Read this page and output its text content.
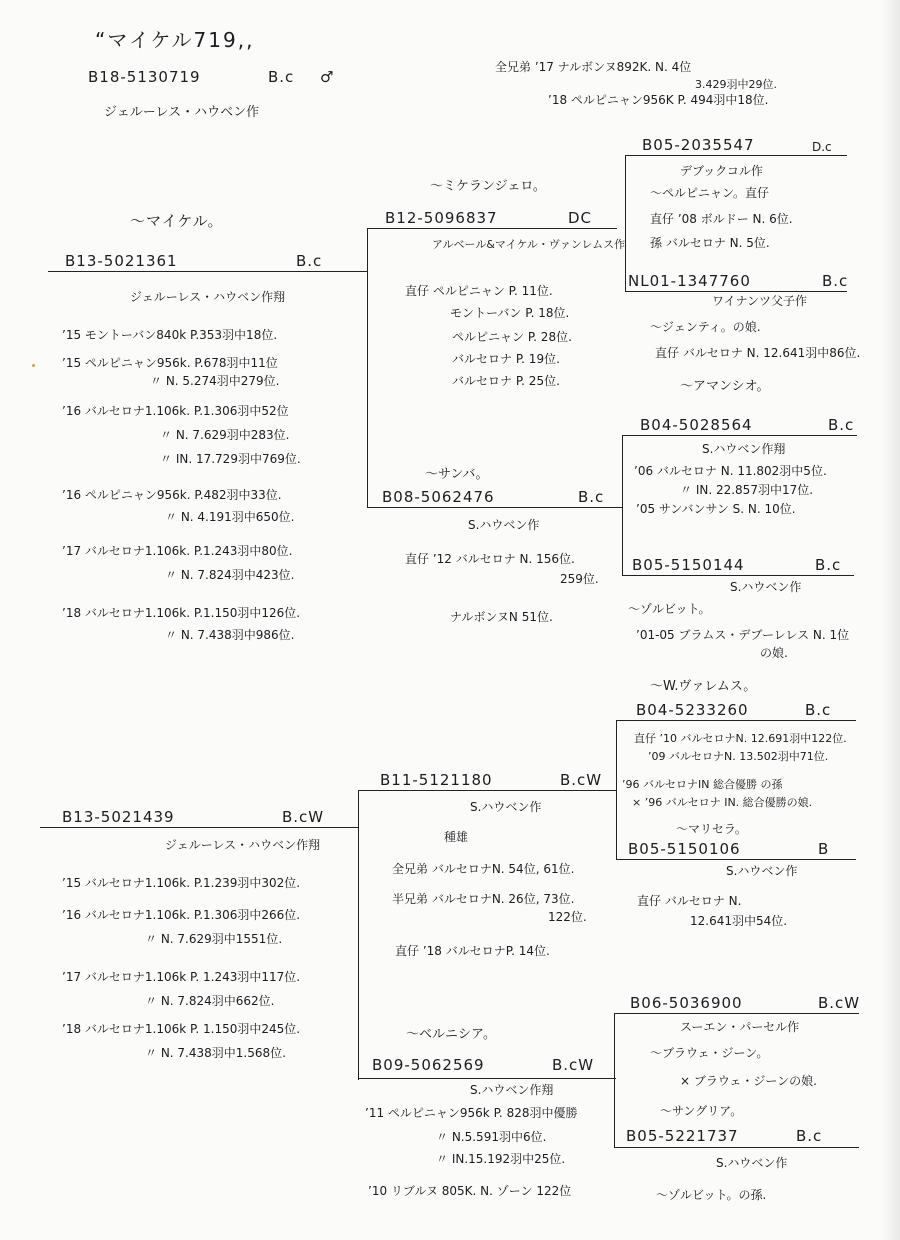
“マイケル719,,
B18-5130719	B.c ♂
ジェルーレス・ハウベン作
全兄弟 ’17 ナルボンヌ892K. N. 4位
3.429羽中29位.
’18 ペルピニャン956K P. 494羽中18位.
〜マイケル。
B13-5021361	B.c
ジェルーレス・ハウベン作翔
’15 モントーバン840k P.353羽中18位.
’15 ペルピニャン956k. P.678羽中11位
〃 N. 5.274羽中279位.
’16 バルセロナ1.106k. P.1.306羽中52位
〃 N. 7.629羽中283位.
〃 IN. 17.729羽中769位.
’16 ペルピニャン956k. P.482羽中33位.
〃 N. 4.191羽中650位.
’17 バルセロナ1.106k. P.1.243羽中80位.
〃 N. 7.824羽中423位.
’18 バルセロナ1.106k. P.1.150羽中126位.
〃 N. 7.438羽中986位.
〜ミケランジェロ。
B12-5096837	DC
アルベール&マイケル・ヴァンレムス作
直仔 ペルピニャン P. 11位.
モントーバン P. 18位.
ペルピニャン P. 28位.
バルセロナ P. 19位.
バルセロナ P. 25位.
B05-2035547	D.c
デブックコル作
〜ペルピニャン。直仔
直仔 ’08 ボルドー N. 6位.
孫 バルセロナ N. 5位.
NL01-1347760	B.c
ワイナンツ父子作
〜ジェンティ。の娘.
直仔 バルセロナ N. 12.641羽中86位.
〜サンバ。
B08-5062476	B.c
S.ハウベン作
直仔 ’12 バルセロナ N. 156位.
259位.
ナルボンヌN 51位.
〜アマンシオ。
B04-5028564	B.c
S.ハウベン作翔
’06 バルセロナ N. 11.802羽中5位.
〃 IN. 22.857羽中17位.
’05 サンバンサン S. N. 10位.
B05-5150144	B.c
S.ハウベン作
〜ゾルビット。
’01-05 ブラムス・デブーレレス N. 1位
の娘.
B13-5021439	B.cW
ジェルーレス・ハウベン作翔
’15 バルセロナ1.106k. P.1.239羽中302位.
’16 バルセロナ1.106k. P.1.306羽中266位.
〃 N. 7.629羽中1551位.
’17 バルセロナ1.106k P. 1.243羽中117位.
〃 N. 7.824羽中662位.
’18 バルセロナ1.106k P. 1.150羽中245位.
〃 N. 7.438羽中1.568位.
B11-5121180	B.cW
S.ハウベン作
種雄
全兄弟 バルセロナN. 54位, 61位.
半兄弟 バルセロナN. 26位, 73位.
122位.
直仔 ’18 バルセロナP. 14位.
〜W.ヴァレムス。
B04-5233260	B.c
直仔 ’10 バルセロナN. 12.691羽中122位.
’09 バルセロナN. 13.502羽中71位.
’96 バルセロナIN 総合優勝 の孫
× ’96 バルセロナ IN. 総合優勝の娘.
〜マリセラ。
B05-5150106	B
S.ハウベン作
直仔 バルセロナ N.
12.641羽中54位.
〜ベルニシア。
B09-5062569	B.cW
S.ハウベン作翔
’11 ペルピニャン956k P. 828羽中優勝
〃 N.5.591羽中6位.
〃 IN.15.192羽中25位.
’10 リブルヌ 805K. N. ゾーン 122位
B06-5036900	B.cW
スーエン・パーセル作
〜ブラウェ・ジーン。
× ブラウェ・ジーンの娘.
〜サングリア。
B05-5221737	B.c
S.ハウベン作
〜ゾルビット。の孫.
